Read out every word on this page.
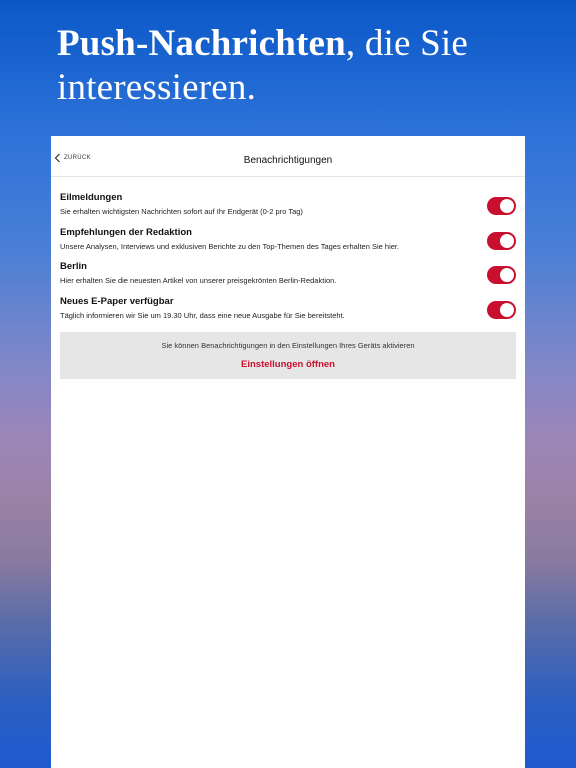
Push-Nachrichten, die Sie
interessieren.
ZURÜCK	Benachrichtigungen
Eilmeldungen
Sie erhalten wichtigsten Nachrichten sofort auf Ihr Endgerät (0-2 pro Tag)
Empfehlungen der Redaktion
Unsere Analysen, Interviews und exklusiven Berichte zu den Top-Themen des Tages erhalten Sie hier.
Berlin
Hier erhalten Sie die neuesten Artikel von unserer preisgekrönten Berlin-Redaktion.
Neues E-Paper verfügbar
Täglich informieren wir Sie um 19.30 Uhr, dass eine neue Ausgabe für Sie bereitsteht.
Sie können Benachrichtigungen in den Einstellungen Ihres Geräts aktivieren
Einstellungen öffnen
